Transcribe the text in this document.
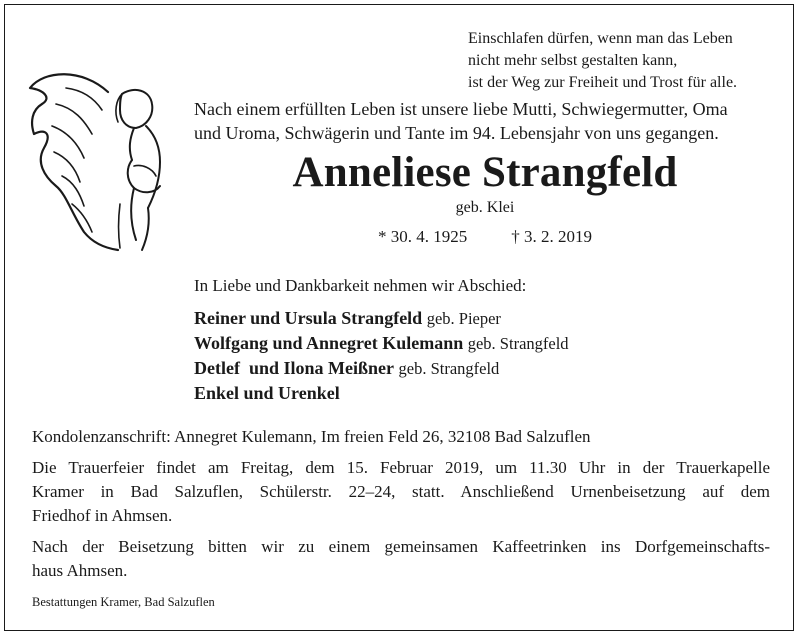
Einschlafen dürfen, wenn man das Leben
nicht mehr selbst gestalten kann,
ist der Weg zur Freiheit und Trost für alle.
Nach einem erfüllten Leben ist unsere liebe Mutti, Schwiegermutter, Oma
und Uroma, Schwägerin und Tante im 94. Lebensjahr von uns gegangen.
Anneliese Strangfeld
geb. Klei
* 30. 4. 1925	† 3. 2. 2019
In Liebe und Dankbarkeit nehmen wir Abschied:
Reiner und Ursula Strangfeld geb. Pieper
Wolfgang und Annegret Kulemann geb. Strangfeld
Detlef  und Ilona Meißner geb. Strangfeld
Enkel und Urenkel
Kondolenzanschrift: Annegret Kulemann, Im freien Feld 26, 32108 Bad Salzuflen
Die Trauerfeier findet am Freitag, dem 15. Februar 2019, um 11.30 Uhr in der Trauerkapelle
Kramer in Bad Salzuflen, Schülerstr. 22–24, statt. Anschließend Urnenbeisetzung auf dem
Friedhof in Ahmsen.
Nach der Beisetzung bitten wir zu einem gemeinsamen Kaffeetrinken ins Dorfgemeinschafts-
haus Ahmsen.
Bestattungen Kramer, Bad Salzuflen
